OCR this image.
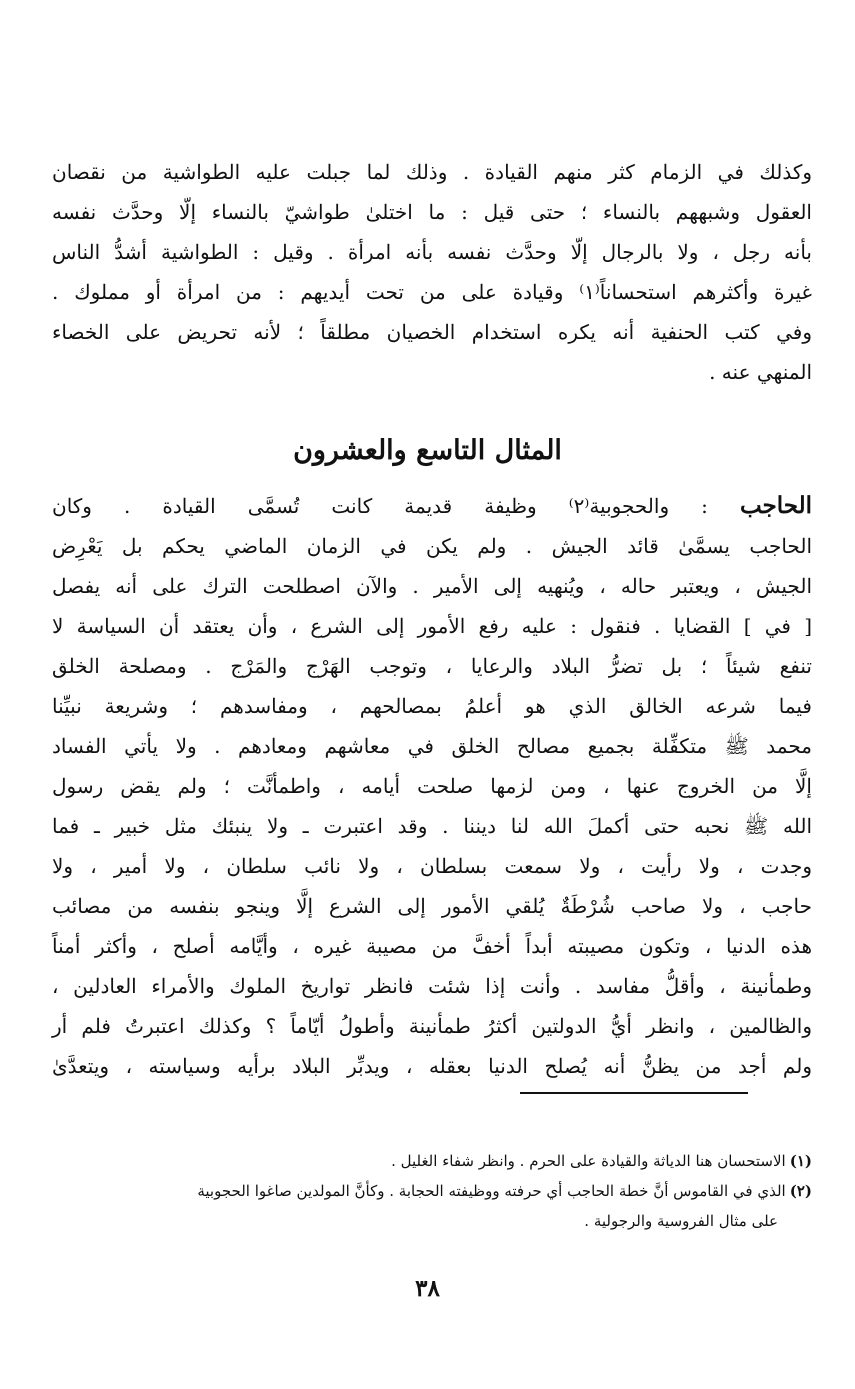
وكذلك في الزمام كثر منهم القيادة . وذلك لما جبلت عليه الطواشية من نقصان
العقول وشبههم بالنساء ؛ حتى قيل : ما اختلىٰ طواشيّ بالنساء إلّا وحدَّث نفسه
بأنه رجل ، ولا بالرجال إلّا وحدَّث نفسه بأنه امرأة . وقيل : الطواشية أشدُّ الناس
غيرة وأكثرهم استحساناً⁽١⁾ وقيادة على من تحت أيديهم : من امرأة أو مملوك .
وفي كتب الحنفية أنه يكره استخدام الخصيان مطلقاً ؛ لأنه تحريض على الخصاء
المنهي عنه .
المثال التاسع والعشرون
الحاجب : والحجوبية⁽٢⁾ وظيفة قديمة كانت تُسمَّى القيادة . وكان
الحاجب يسمَّىٰ قائد الجيش . ولم يكن في الزمان الماضي يحكم بل يَعْرِض
الجيش ، ويعتبر حاله ، ويُنهيه إلى الأمير . والآن اصطلحت الترك على أنه يفصل
[ في ] القضايا . فنقول : عليه رفع الأمور إلى الشرع ، وأن يعتقد أن السياسة لا
تنفع شيئاً ؛ بل تضرُّ البلاد والرعايا ، وتوجب الهَرْج والمَرْج . ومصلحة الخلق
فيما شرعه الخالق الذي هو أعلمُ بمصالحهم ، ومفاسدهم ؛ وشريعة نبيِّنا
محمد ﷺ متكفِّلة بجميع مصالح الخلق في معاشهم ومعادهم . ولا يأتي الفساد
إلَّا من الخروج عنها ، ومن لزمها صلحت أيامه ، واطمأنَّت ؛ ولم يقض رسول
الله ﷺ نحبه حتى أكملَ الله لنا ديننا . وقد اعتبرت ـ ولا ينبئك مثل خبير ـ فما
وجدت ، ولا رأيت ، ولا سمعت بسلطان ، ولا نائب سلطان ، ولا أمير ، ولا
حاجب ، ولا صاحب شُرْطَةٌ يُلقي الأمور إلى الشرع إلَّا وينجو بنفسه من مصائب
هذه الدنيا ، وتكون مصيبته أبداً أخفَّ من مصيبة غيره ، وأيَّامه أصلح ، وأكثر أمناً
وطمأنينة ، وأقلُّ مفاسد . وأنت إذا شئت فانظر تواريخ الملوك والأمراء العادلين ،
والظالمين ، وانظر أيُّ الدولتين أكثرُ طمأنينة وأطولُ أيّاماً ؟ وكذلك اعتبرتُ فلم أر
ولم أجد من يظنُّ أنه يُصلح الدنيا بعقله ، ويدبِّر البلاد برأيه وسياسته ، ويتعدَّىٰ
(١)الاستحسان هنا الدياثة والقيادة على الحرم . وانظر شفاء الغليل .
(٢)الذي في القاموس أنَّ خطة الحاجب أي حرفته ووظيفته الحجابة . وكأنَّ المولدين صاغوا الحجوبية
على مثال الفروسية والرجولية .
٣٨
